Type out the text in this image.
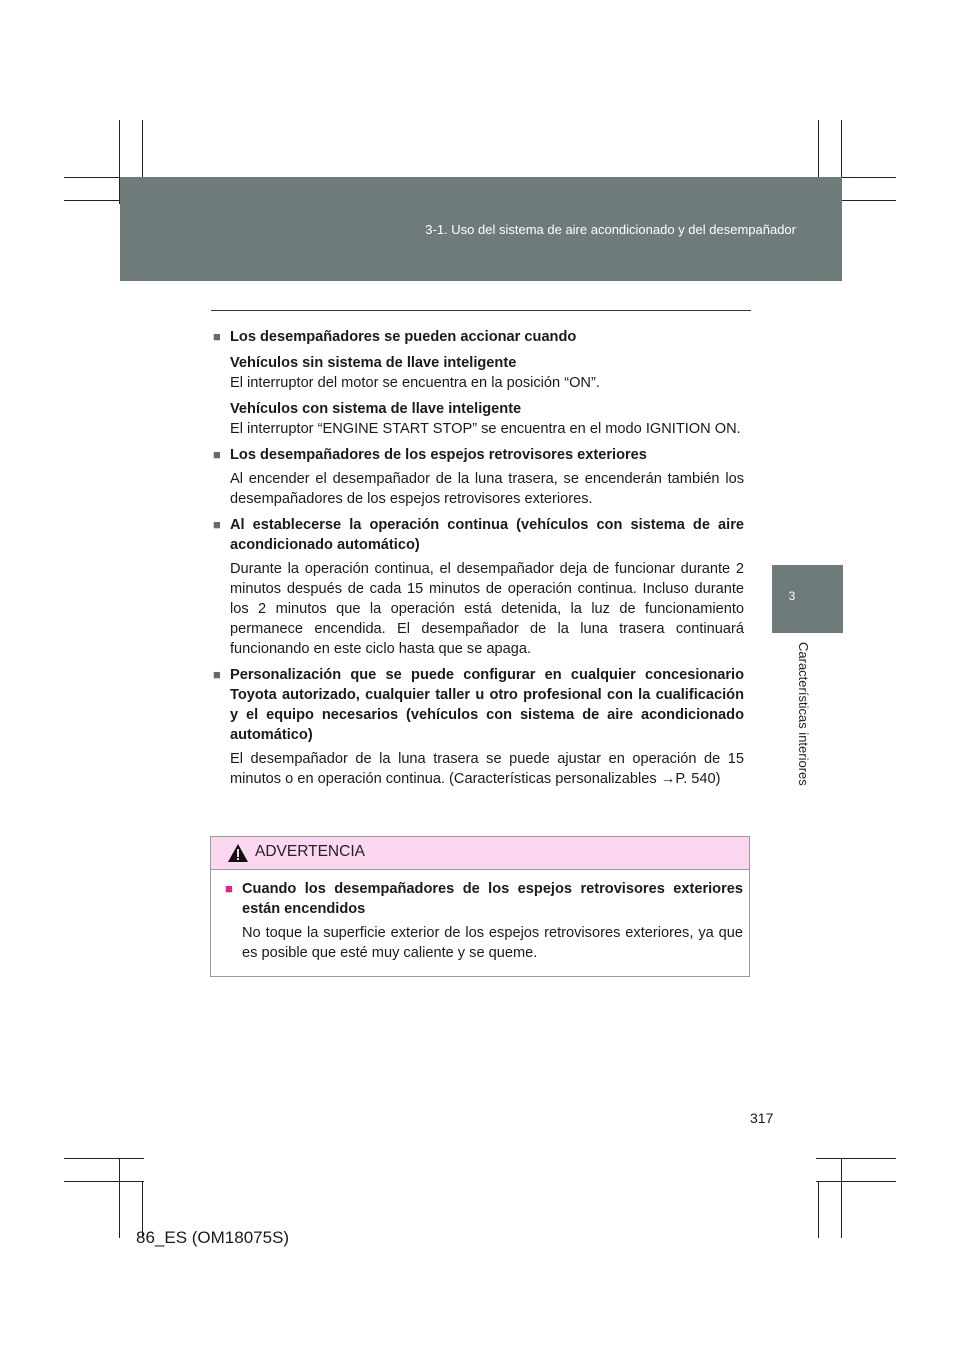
3-1. Uso del sistema de aire acondicionado y del desempañador
3
Características interiores
■ Los desempañadores se pueden accionar cuando
Vehículos sin sistema de llave inteligente
El interruptor del motor se encuentra en la posición “ON”.
Vehículos con sistema de llave inteligente
El interruptor “ENGINE START STOP” se encuentra en el modo IGNITION ON.
■ Los desempañadores de los espejos retrovisores exteriores
Al encender el desempañador de la luna trasera, se encenderán también los desempañadores de los espejos retrovisores exteriores.
■ Al establecerse la operación continua (vehículos con sistema de aire acondicionado automático)
Durante la operación continua, el desempañador deja de funcionar durante 2 minutos después de cada 15 minutos de operación continua. Incluso durante los 2 minutos que la operación está detenida, la luz de funcionamiento permanece encendida. El desempañador de la luna trasera continuará funcionando en este ciclo hasta que se apaga.
■ Personalización que se puede configurar en cualquier concesionario Toyota autorizado, cualquier taller u otro profesional con la cualificación y el equipo necesarios (vehículos con sistema de aire acondicionado automático)
El desempañador de la luna trasera se puede ajustar en operación de 15 minutos o en operación continua. (Características personalizables →P. 540)
ADVERTENCIA
■ Cuando los desempañadores de los espejos retrovisores exteriores están encendidos
No toque la superficie exterior de los espejos retrovisores exteriores, ya que es posible que esté muy caliente y se queme.
317
86_ES (OM18075S)
